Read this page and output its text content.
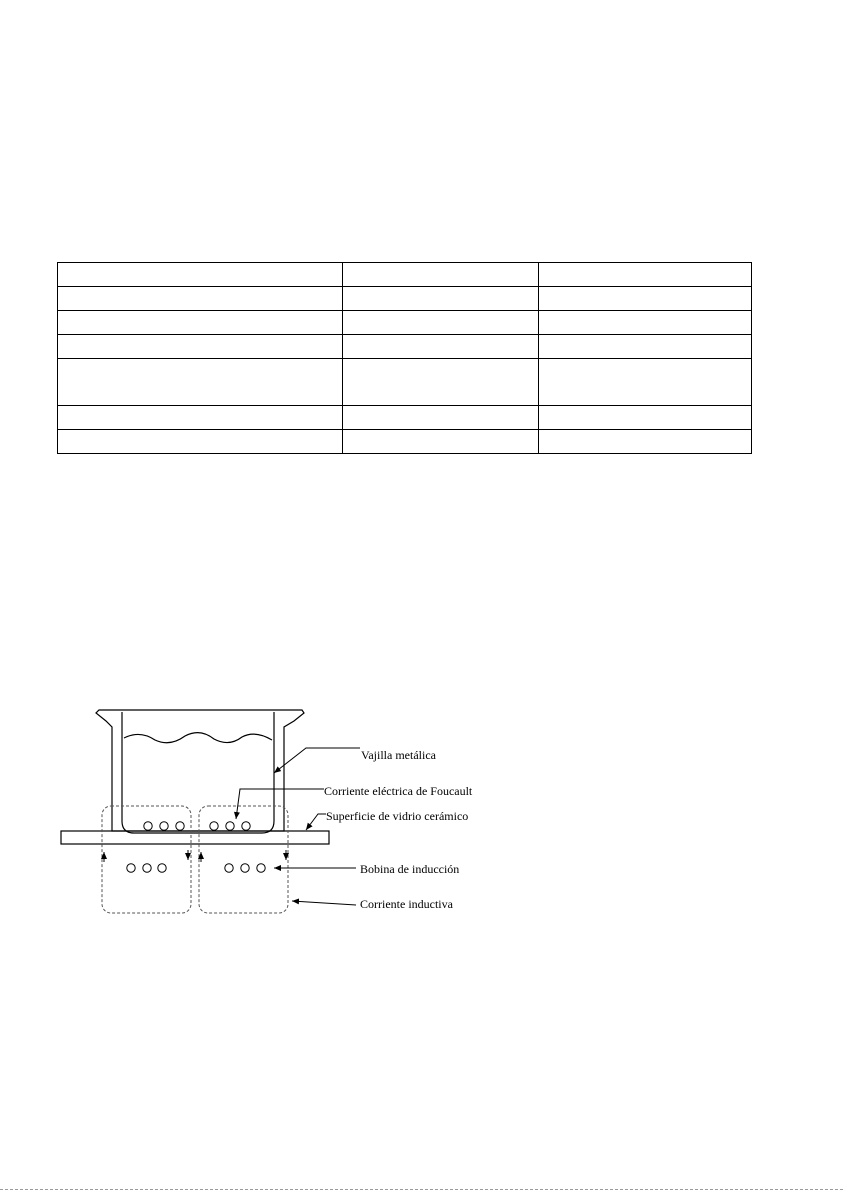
Vajilla metálica
Corriente eléctrica de Foucault
Superficie de vidrio cerámico
Bobina de inducción
Corriente inductiva
